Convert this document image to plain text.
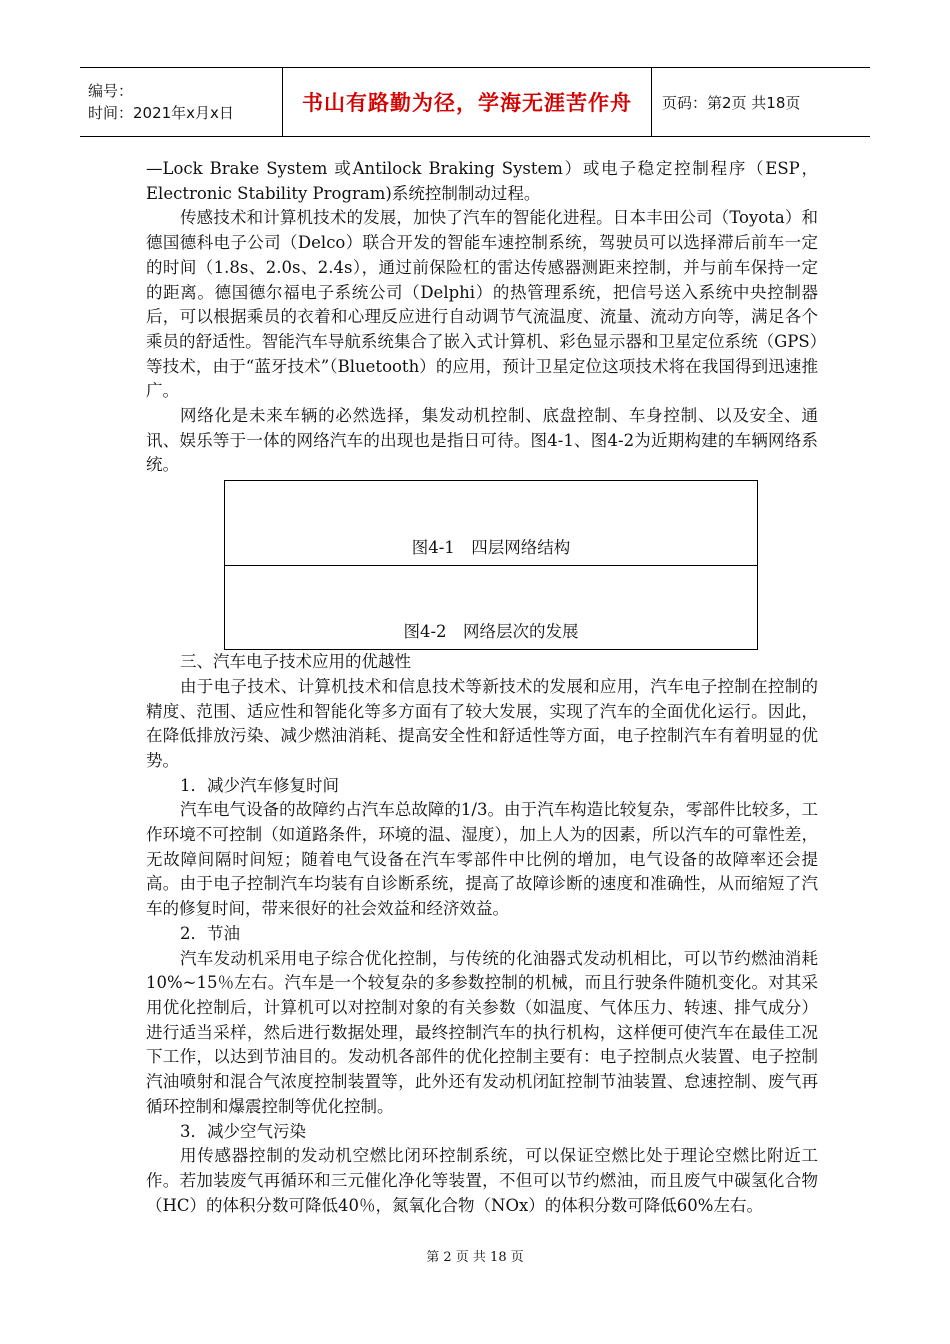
编号：
时间：2021年x月x日	书山有路勤为径，学海无涯苦作舟 页码：第2页 共18页

—Lock Brake System 或Antilock Braking System）或电子稳定控制程序（ESP，Electronic Stability Program)系统控制制动过程。

传感技术和计算机技术的发展，加快了汽车的智能化进程。日本丰田公司（Toyota）和德国德科电子公司（Delco）联合开发的智能车速控制系统，驾驶员可以选择滞后前车一定的时间（1.8s、2.0s、2.4s），通过前保险杠的雷达传感器测距来控制，并与前车保持一定的距离。德国德尔福电子系统公司（Delphi）的热管理系统，把信号送入系统中央控制器后，可以根据乘员的衣着和心理反应进行自动调节气流温度、流量、流动方向等，满足各个乘员的舒适性。智能汽车导航系统集合了嵌入式计算机、彩色显示器和卫星定位系统（GPS）等技术，由于“蓝牙技术”（Bluetooth）的应用，预计卫星定位这项技术将在我国得到迅速推广。

网络化是未来车辆的必然选择，集发动机控制、底盘控制、车身控制、以及安全、通讯、娱乐等于一体的网络汽车的出现也是指日可待。图4-1、图4-2为近期构建的车辆网络系统。

图4-1　四层网络结构
图4-2　网络层次的发展

三、汽车电子技术应用的优越性

由于电子技术、计算机技术和信息技术等新技术的发展和应用，汽车电子控制在控制的精度、范围、适应性和智能化等多方面有了较大发展，实现了汽车的全面优化运行。因此，在降低排放污染、减少燃油消耗、提高安全性和舒适性等方面，电子控制汽车有着明显的优势。

1．减少汽车修复时间

汽车电气设备的故障约占汽车总故障的1/3。由于汽车构造比较复杂，零部件比较多，工作环境不可控制（如道路条件，环境的温、湿度），加上人为的因素，所以汽车的可靠性差，无故障间隔时间短；随着电气设备在汽车零部件中比例的增加，电气设备的故障率还会提高。由于电子控制汽车均装有自诊断系统，提高了故障诊断的速度和准确性，从而缩短了汽车的修复时间，带来很好的社会效益和经济效益。

2．节油

汽车发动机采用电子综合优化控制，与传统的化油器式发动机相比，可以节约燃油消耗10%~15％左右。汽车是一个较复杂的多参数控制的机械，而且行驶条件随机变化。对其采用优化控制后，计算机可以对控制对象的有关参数（如温度、气体压力、转速、排气成分）进行适当采样，然后进行数据处理，最终控制汽车的执行机构，这样便可使汽车在最佳工况下工作，以达到节油目的。发动机各部件的优化控制主要有：电子控制点火装置、电子控制汽油喷射和混合气浓度控制装置等，此外还有发动机闭缸控制节油装置、怠速控制、废气再循环控制和爆震控制等优化控制。

3．减少空气污染

用传感器控制的发动机空燃比闭环控制系统，可以保证空燃比处于理论空燃比附近工作。若加装废气再循环和三元催化净化等装置，不但可以节约燃油，而且废气中碳氢化合物（HC）的体积分数可降低40％，氮氧化合物（NOx）的体积分数可降低60%左右。

第 2 页 共 18 页
